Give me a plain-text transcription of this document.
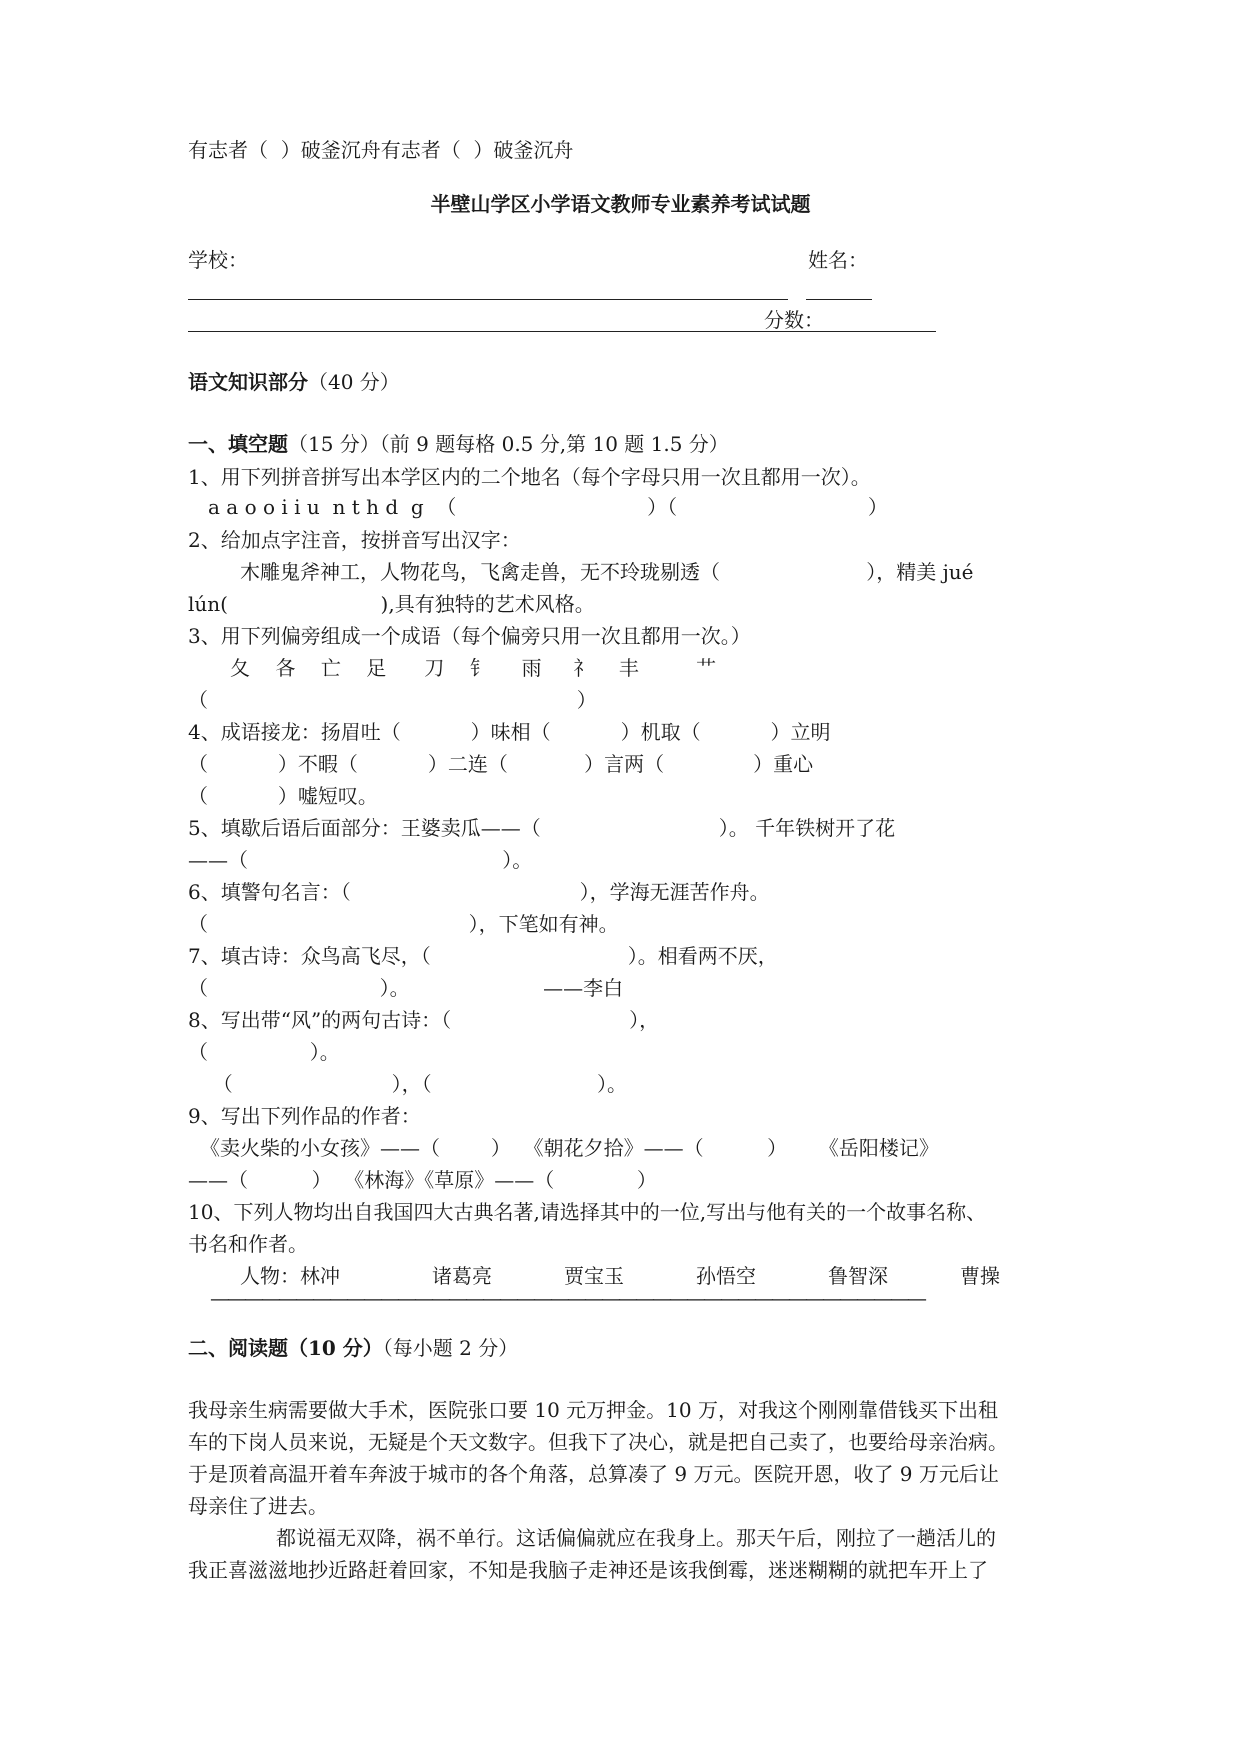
有志者（  ）破釜沉舟有志者（  ）破釜沉舟
半壁山学区小学语文教师专业素养考试试题
学校：	姓名：
分数：
语文知识部分（40 分）
一、填空题（15 分）（前 9 题每格 0.5 分,第 10 题 1.5 分）
1、用下列拼音拼写出本学区内的二个地名（每个字母只用一次且都用一次）。
a a o o i i u  n t h d  g  （                              ）（                              ）
2、给加点字注音，按拼音写出汉字：
木雕鬼斧神工，人物花鸟，飞禽走兽，无不玲珑剔透（                       ），精美 jué
lún(                        ),具有独特的艺术风格。
3、用下列偏旁组成一个成语（每个偏旁只用一次且都用一次。）
夂    各    亡    足      刀    钅     雨     礻    丰         艹
（                                                          ）
4、成语接龙：扬眉吐（           ）味相（           ）机取（           ）立明
（           ）不暇（           ）二连（            ）言两（              ）重心
（           ）嘘短叹。
5、填歇后语后面部分：王婆卖瓜——（                            ）。 千年铁树开了花
——（                                        ）。
6、填警句名言：（                                    ），学海无涯苦作舟。
（                                         ），下笔如有神。
7、填古诗：众鸟高飞尽，（                               ）。相看两不厌，
（                           ）。                     ——李白
8、写出带“风”的两句古诗：（                            ），
（                ）。
（                         ），（                          ）。
9、写出下列作品的作者：
《卖火柴的小女孩》——（        ）  《朝花夕拾》——（          ）     《岳阳楼记》
——（          ）  《林海》《草原》——（             ）
10、下列人物均出自我国四大古典名著,请选择其中的一位,写出与他有关的一个故事名称、
书名和作者。
人物：林冲	诸葛亮	贾宝玉	孙悟空	鲁智深	曹操
——————————————————————————————————————————
二、阅读题（10 分）（每小题 2 分）
我母亲生病需要做大手术，医院张口要 10 元万押金。10 万，对我这个刚刚靠借钱买下出租
车的下岗人员来说，无疑是个天文数字。但我下了决心，就是把自己卖了，也要给母亲治病。
于是顶着高温开着车奔波于城市的各个角落，总算凑了 9 万元。医院开恩，收了 9 万元后让
母亲住了进去。
都说福无双降，祸不单行。这话偏偏就应在我身上。那天午后，刚拉了一趟活儿的
我正喜滋滋地抄近路赶着回家，不知是我脑子走神还是该我倒霉，迷迷糊糊的就把车开上了
